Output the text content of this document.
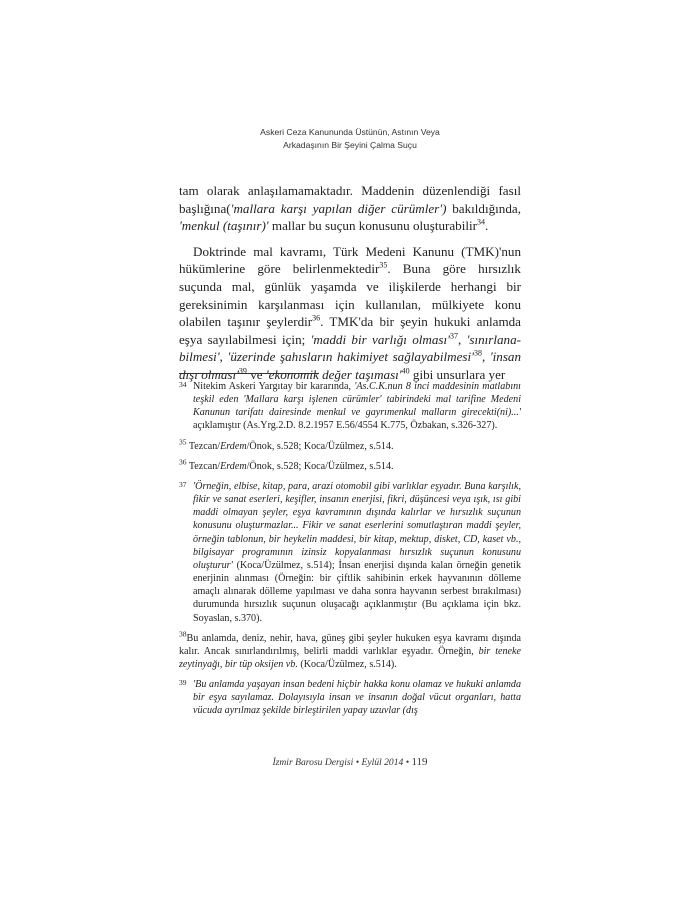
Askeri Ceza Kanununda Üstünün, Astının Veya
Arkadaşının Bir Şeyini Çalma Suçu

tam olarak anlaşılamamaktadır. Maddenin düzenlendiği fasıl başlığına('mallara karşı yapılan diğer cürümler') bakıldığında, 'menkul (taşınır)' mallar bu suçun konusunu oluşturabilir$^{34}$.

Doktrinde mal kavramı, Türk Medeni Kanunu (TMK)'nun hükümlerine göre belirlenmektedir$^{35}$. Buna göre hırsızlık suçunda mal, günlük yaşamda ve ilişkilerde herhangi bir gereksinimin karşılanması için kullanılan, mülkiyete konu olabilen taşınır şeylerdir$^{36}$. TMK'da bir şeyin hukuki anlamda eşya sayılabilmesi için; 'maddi bir varlığı $olması'^{37}$, 'sınırlana-bilmesi', 'üzerinde şahısların hakimiyet $sağlayabilmesi'^{38}$, 'insan dışı $olması'^{39}$ ve 'ekonomik değer $taşıması'^{40}$ gibi unsurlara yer

34 Nitekim Askeri Yargıtay bir kararında, 'As.C.K.nun 8 inci maddesinin matlabını teşkil eden 'Mallara karşı işlenen cürümler' tabirindeki mal tarifine Medeni Kanunun tarifatı dairesinde menkul ve gayrımenkul malların girecekti(ni)...' açıklamıştır (As.Yrg.2.D. 8.2.1957 E.56/4554 K.775, Özbakan, s.326-327).

$^{35}$ Tezcan/Erdem/Önok, s.528; Koca/Üzülmez, s.514.

$^{36}$ Tezcan/Erdem/Önok, s.528; Koca/Üzülmez, s.514.

37 'Örneğin, elbise, kitap, para, arazi otomobil gibi varlıklar eşyadır. Buna karşılık, fikir ve sanat eserleri, keşifler, insanın enerjisi, fikri, düşüncesi veya ışık, ısı gibi maddi olmayan şeyler, eşya kavramının dışında kalırlar ve hırsızlık suçunun konusunu oluşturmazlar... Fikir ve sanat eserlerini somutlaştıran maddi şeyler, örneğin tablonun, bir heykelin maddesi, bir kitap, mektup, disket, CD, kaset vb., bilgisayar programının izinsiz kopyalanması hırsızlık suçunun konusunu oluşturur' (Koca/Üzülmez, s.514); İnsan enerjisi dışında kalan örneğin genetik enerjinin alınması (Örneğin: bir çiftlik sahibinin erkek hayvanının dölleme amaçlı alınarak dölleme yapılması ve daha sonra hayvanın serbest bırakılması) durumunda hırsızlık suçunun oluşacağı açıklanmıştır (Bu açıklama için bkz. Soyaslan, s.370).

$^{38}$Bu anlamda, deniz, nehir, hava, güneş gibi şeyler hukuken eşya kavramı dışında kalır. Ancak sınırlandırılmış, belirli maddi varlıklar eşyadır. Örneğin, bir teneke zeytinyağı, bir tüp oksijen vb. (Koca/Üzülmez, s.514).

39 'Bu anlamda yaşayan insan bedeni hiçbir hakka konu olamaz ve hukuki anlamda bir eşya sayılamaz. Dolayısıyla insan ve insanın doğal vücut organları, hatta vücuda ayrılmaz şekilde birleştirilen yapay uzuvlar (dış

İzmir Barosu Dergisi • Eylül 2014 • 119
